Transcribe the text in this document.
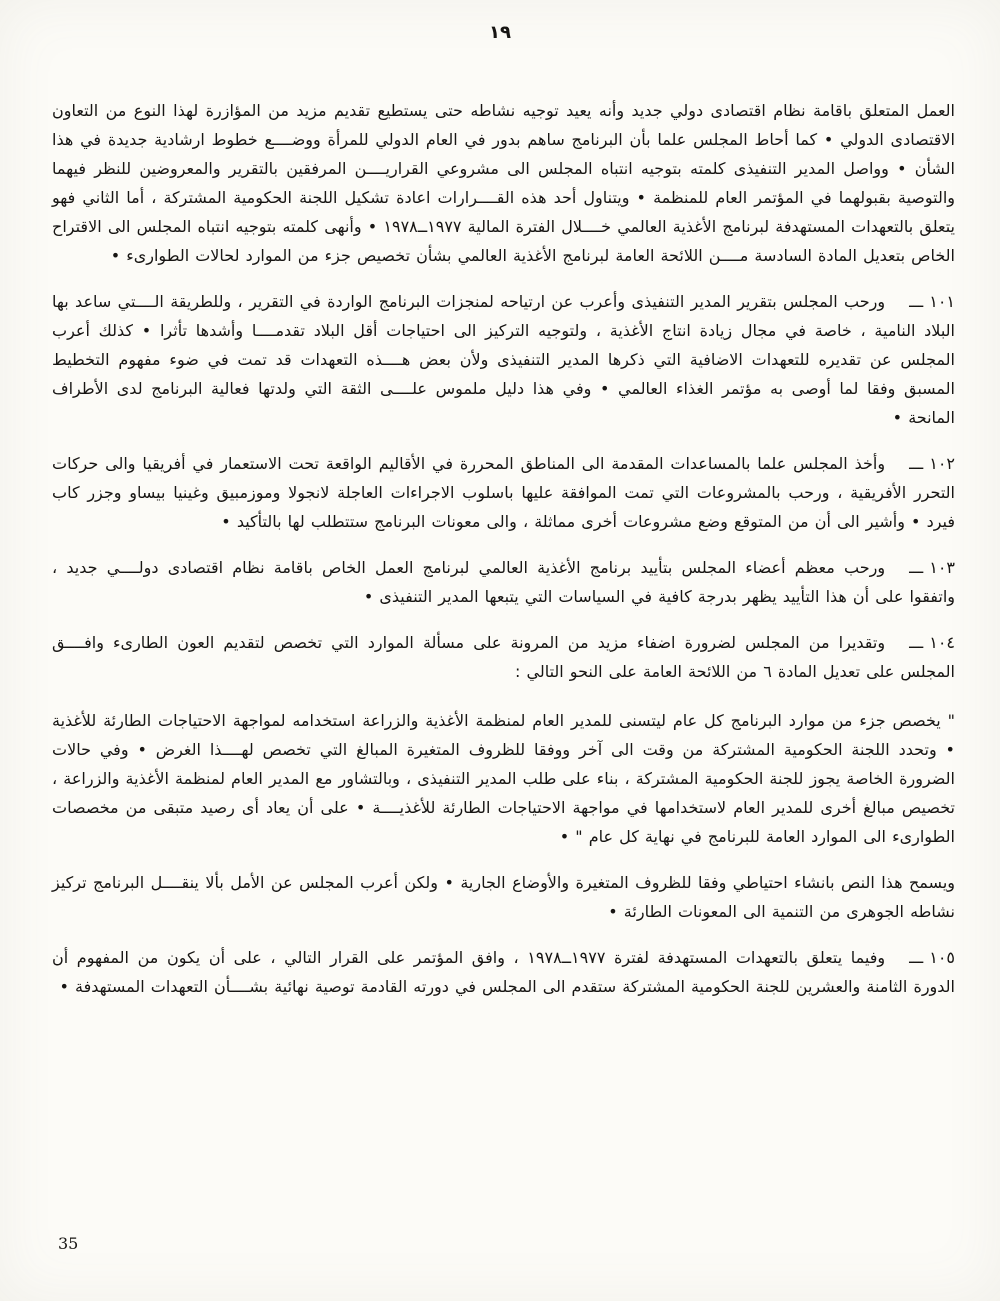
١٩

العمل المتعلق باقامة نظام اقتصادى دولي جديد وأنه يعيد توجيه نشاطه حتى يستطيع تقديم مزيد من المؤازرة لهذا النوع من التعاون الاقتصادى الدولي • كما أحاط المجلس علما بأن البرنامج ساهم بدور في العام الدولي للمرأة ووضــــع خطوط ارشادية جديدة في هذا الشأن • وواصل المدير التنفيذى كلمته بتوجيه انتباه المجلس الى مشروعي القراريــــن المرفقين بالتقرير والمعروضين للنظر فيهما والتوصية بقبولهما في المؤتمر العام للمنظمة • ويتناول أحد هذه القــــرارات اعادة تشكيل اللجنة الحكومية المشتركة ، أما الثاني فهو يتعلق بالتعهدات المستهدفة لبرنامج الأغذية العالمي خــــلال الفترة المالية ١٩٧٧ــ١٩٧٨ • وأنهى كلمته بتوجيه انتباه المجلس الى الاقتراح الخاص بتعديل المادة السادسة مــــن اللائحة العامة لبرنامج الأغذية العالمي بشأن تخصيص جزء من الموارد لحالات الطوارىء •

١٠١ ـــورحب المجلس بتقرير المدير التنفيذى وأعرب عن ارتياحه لمنجزات البرنامج الواردة في التقرير ، وللطريقة الــــتي ساعد بها البلاد النامية ، خاصة في مجال زيادة انتاج الأغذية ، ولتوجيه التركيز الى احتياجات أقل البلاد تقدمــــا وأشدها تأثرا • كذلك أعرب المجلس عن تقديره للتعهدات الاضافية التي ذكرها المدير التنفيذى ولأن بعض هــــذه التعهدات قد تمت في ضوء مفهوم التخطيط المسبق وفقا لما أوصى به مؤتمر الغذاء العالمي • وفي هذا دليل ملموس علــــى الثقة التي ولدتها فعالية البرنامج لدى الأطراف المانحة •

١٠٢ ـــوأخذ المجلس علما بالمساعدات المقدمة الى المناطق المحررة في الأقاليم الواقعة تحت الاستعمار في أفريقيا والى حركات التحرر الأفريقية ، ورحب بالمشروعات التي تمت الموافقة عليها باسلوب الاجراءات العاجلة لانجولا وموزمبيق وغينيا بيساو وجزر كاب فيرد • وأشير الى أن من المتوقع وضع مشروعات أخرى مماثلة ، والى معونات البرنامج ستتطلب لها بالتأكيد •

١٠٣ ـــورحب معظم أعضاء المجلس بتأييد برنامج الأغذية العالمي لبرنامج العمل الخاص باقامة نظام اقتصادى دولــــي جديد ، واتفقوا على أن هذا التأييد يظهر بدرجة كافية في السياسات التي يتبعها المدير التنفيذى •

١٠٤ ـــوتقديرا من المجلس لضرورة اضفاء مزيد من المرونة على مسألة الموارد التي تخصص لتقديم العون الطارىء وافــــق المجلس على تعديل المادة ٦ من اللائحة العامة على النحو التالي :

" يخصص جزء من موارد البرنامج كل عام ليتسنى للمدير العام لمنظمة الأغذية والزراعة استخدامه لمواجهة الاحتياجات الطارئة للأغذية • وتحدد اللجنة الحكومية المشتركة من وقت الى آخر ووفقا للظروف المتغيرة المبالغ التي تخصص لهــــذا الغرض • وفي حالات الضرورة الخاصة يجوز للجنة الحكومية المشتركة ، بناء على طلب المدير التنفيذى ، وبالتشاور مع المدير العام لمنظمة الأغذية والزراعة ، تخصيص مبالغ أخرى للمدير العام لاستخدامها في مواجهة الاحتياجات الطارئة للأغذيــــة • على أن يعاد أى رصيد متبقى من مخصصات الطوارىء الى الموارد العامة للبرنامج في نهاية كل عام " •

ويسمح هذا النص بانشاء احتياطي وفقا للظروف المتغيرة والأوضاع الجارية • ولكن أعرب المجلس عن الأمل بألا ينقــــل البرنامج تركيز نشاطه الجوهرى من التنمية الى المعونات الطارئة •

١٠٥ ـــوفيما يتعلق بالتعهدات المستهدفة لفترة ١٩٧٧ــ١٩٧٨ ، وافق المؤتمر على القرار التالي ، على أن يكون من المفهوم أن الدورة الثامنة والعشرين للجنة الحكومية المشتركة ستقدم الى المجلس في دورته القادمة توصية نهائية بشــــأن التعهدات المستهدفة •

35
